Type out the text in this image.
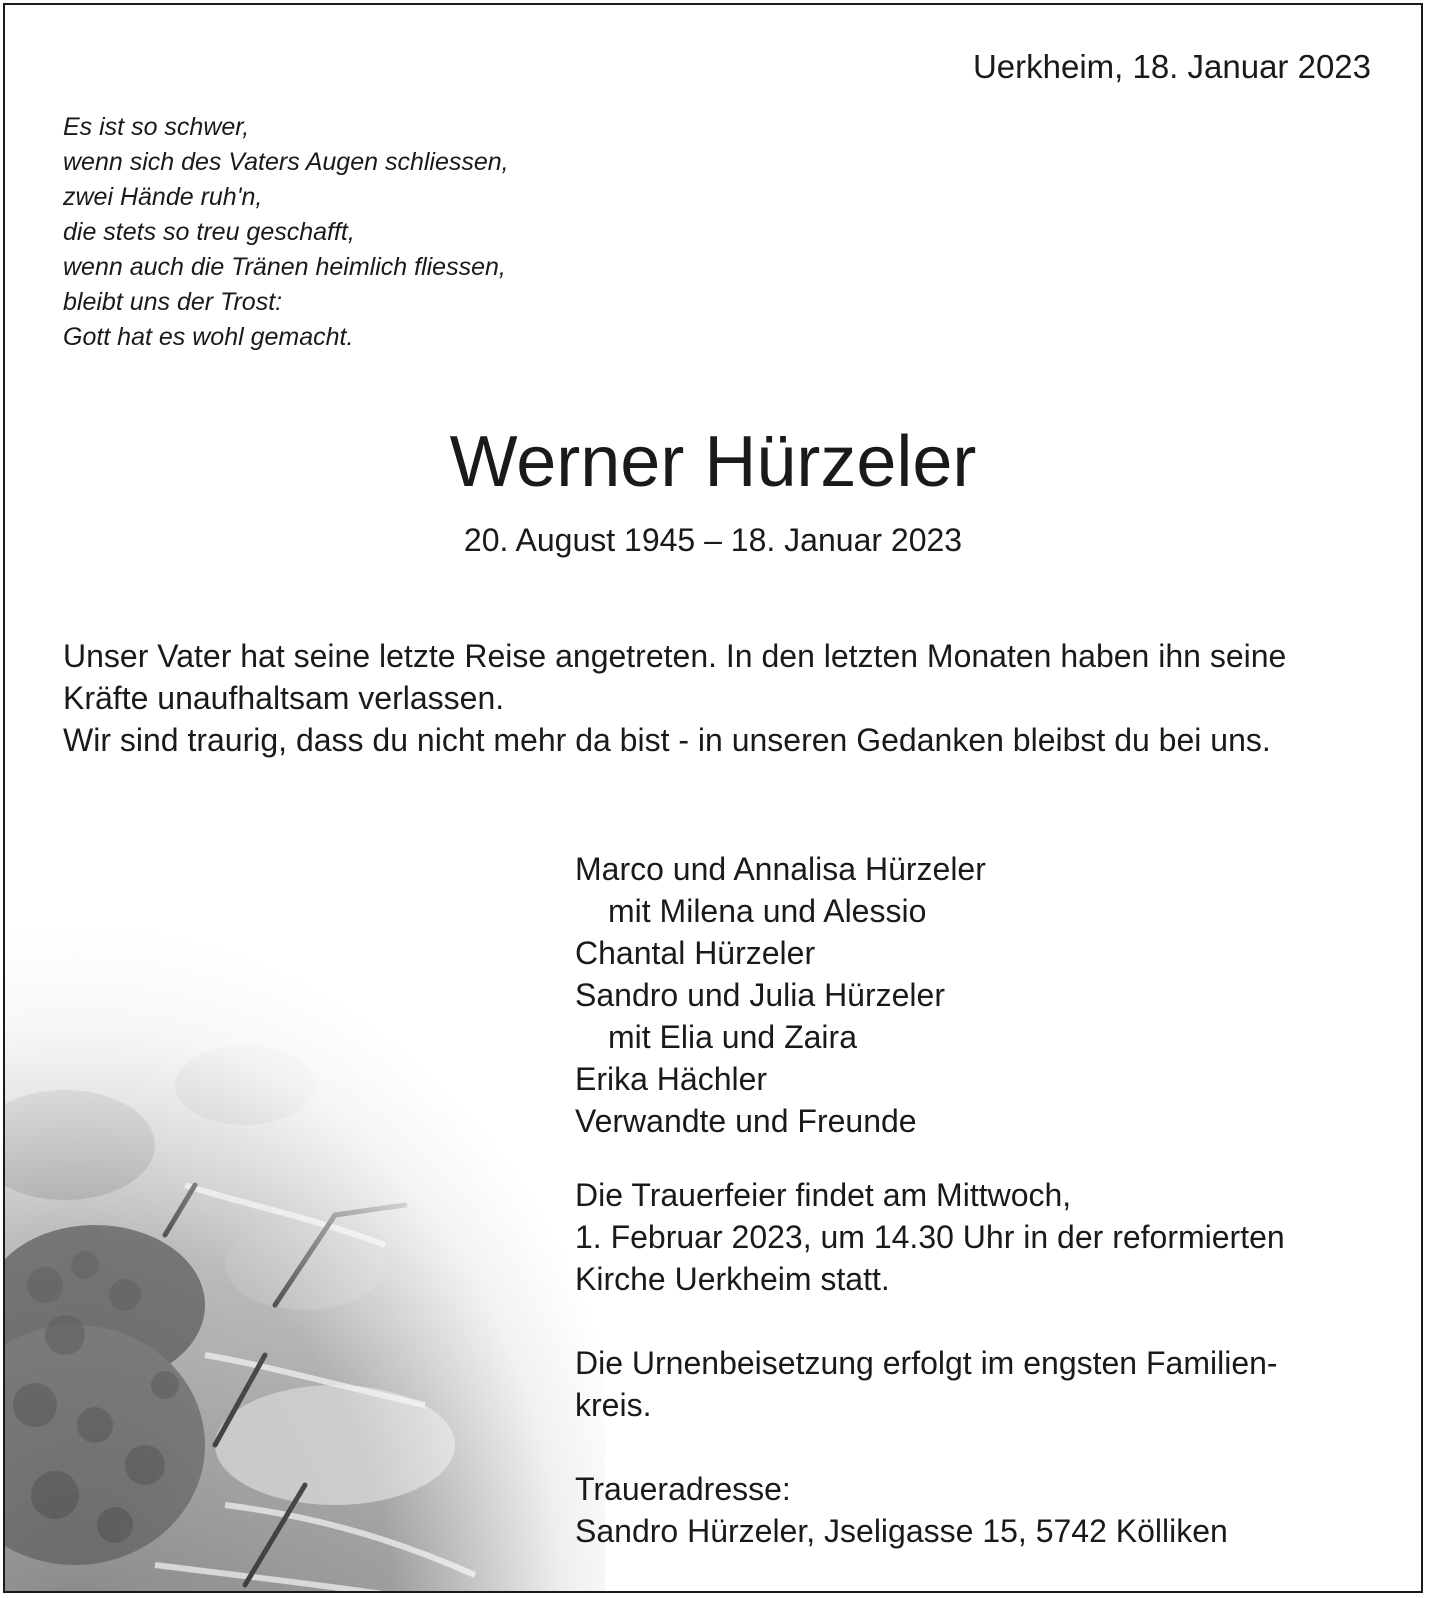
Uerkheim, 18. Januar 2023
Es ist so schwer,
wenn sich des Vaters Augen schliessen,
zwei Hände ruh'n,
die stets so treu geschafft,
wenn auch die Tränen heimlich fliessen,
bleibt uns der Trost:
Gott hat es wohl gemacht.
Werner Hürzeler
20. August 1945 – 18. Januar 2023

Unser Vater hat seine letzte Reise angetreten. In den letzten Monaten haben ihn seine Kräfte unaufhaltsam verlassen.

Wir sind traurig, dass du nicht mehr da bist - in unseren Gedanken bleibst du bei uns.

Marco und Annalisa Hürzeler
mit Milena und Alessio
Chantal Hürzeler
Sandro und Julia Hürzeler
mit Elia und Zaira
Erika Hächler
Verwandte und Freunde

Die Trauerfeier findet am Mittwoch,
1. Februar 2023, um 14.30 Uhr in der reformierten
Kirche Uerkheim statt.

Die Urnenbeisetzung erfolgt im engsten Familien-
kreis.

Traueradresse:
Sandro Hürzeler, Jseligasse 15, 5742 Kölliken
